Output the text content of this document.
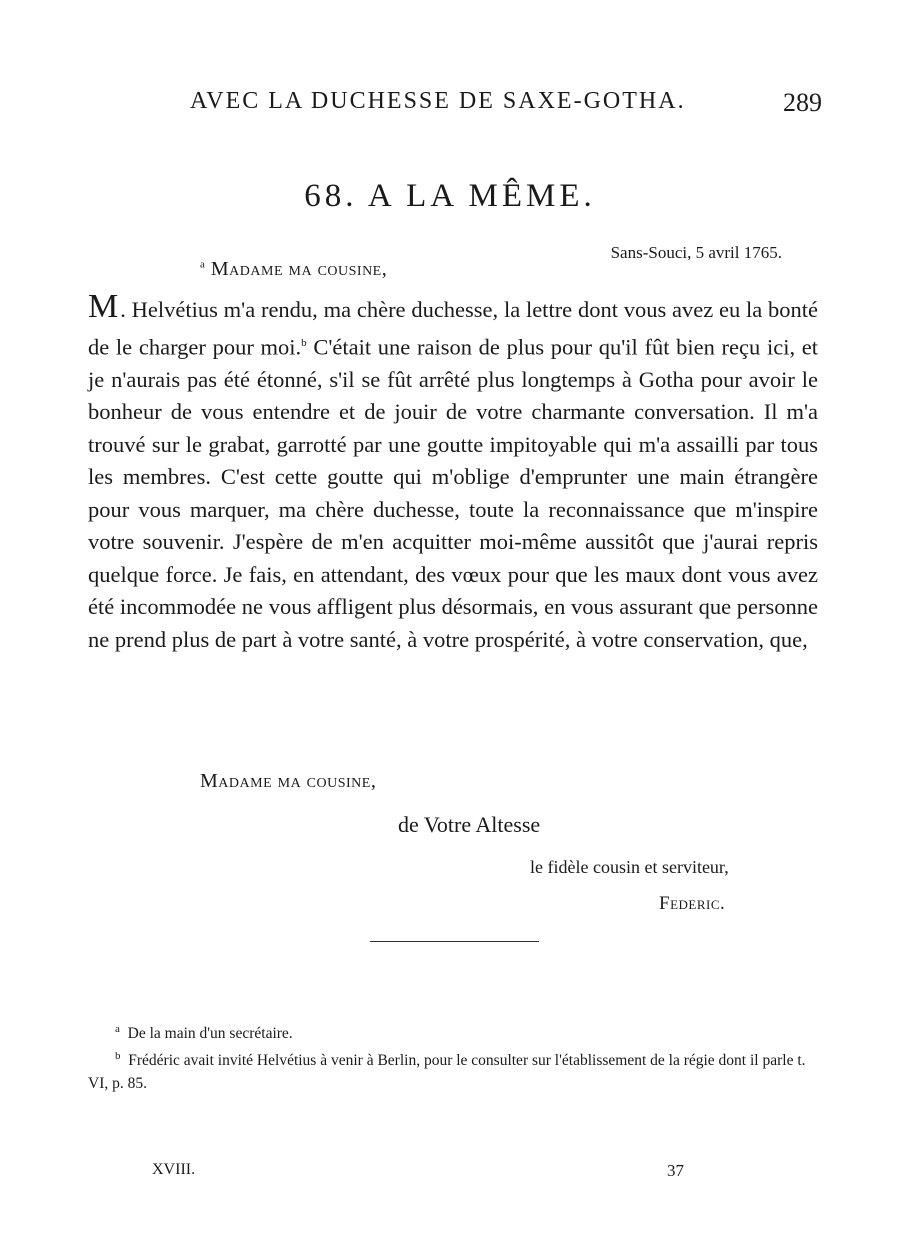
AVEC LA DUCHESSE DE SAXE-GOTHA.	289
68. A LA MÊME.
Sans-Souci, 5 avril 1765.
$^a$ Madame ma cousine,
M. Helvétius m'a rendu, ma chère duchesse, la lettre dont vous avez eu la bonté de le charger pour moi.$^b$ C'était une raison de plus pour qu'il fût bien reçu ici, et je n'aurais pas été étonné, s'il se fût arrêté plus longtemps à Gotha pour avoir le bonheur de vous entendre et de jouir de votre charmante conversation. Il m'a trouvé sur le grabat, garrotté par une goutte impitoyable qui m'a assailli par tous les membres. C'est cette goutte qui m'oblige d'emprunter une main étrangère pour vous marquer, ma chère duchesse, toute la reconnaissance que m'inspire votre souvenir. J'espère de m'en acquitter moi-même aussitôt que j'aurai repris quelque force. Je fais, en attendant, des vœux pour que les maux dont vous avez été incommodée ne vous affligent plus désormais, en vous assurant que personne ne prend plus de part à votre santé, à votre prospérité, à votre conservation, que,
Madame ma cousine,
de Votre Altesse
le fidèle cousin et serviteur,
Federic.
$^a$ De la main d'un secrétaire.
$^b$ Frédéric avait invité Helvétius à venir à Berlin, pour le consulter sur l'établissement de la régie dont il parle t. VI, p. 85.
XVIII.	37
